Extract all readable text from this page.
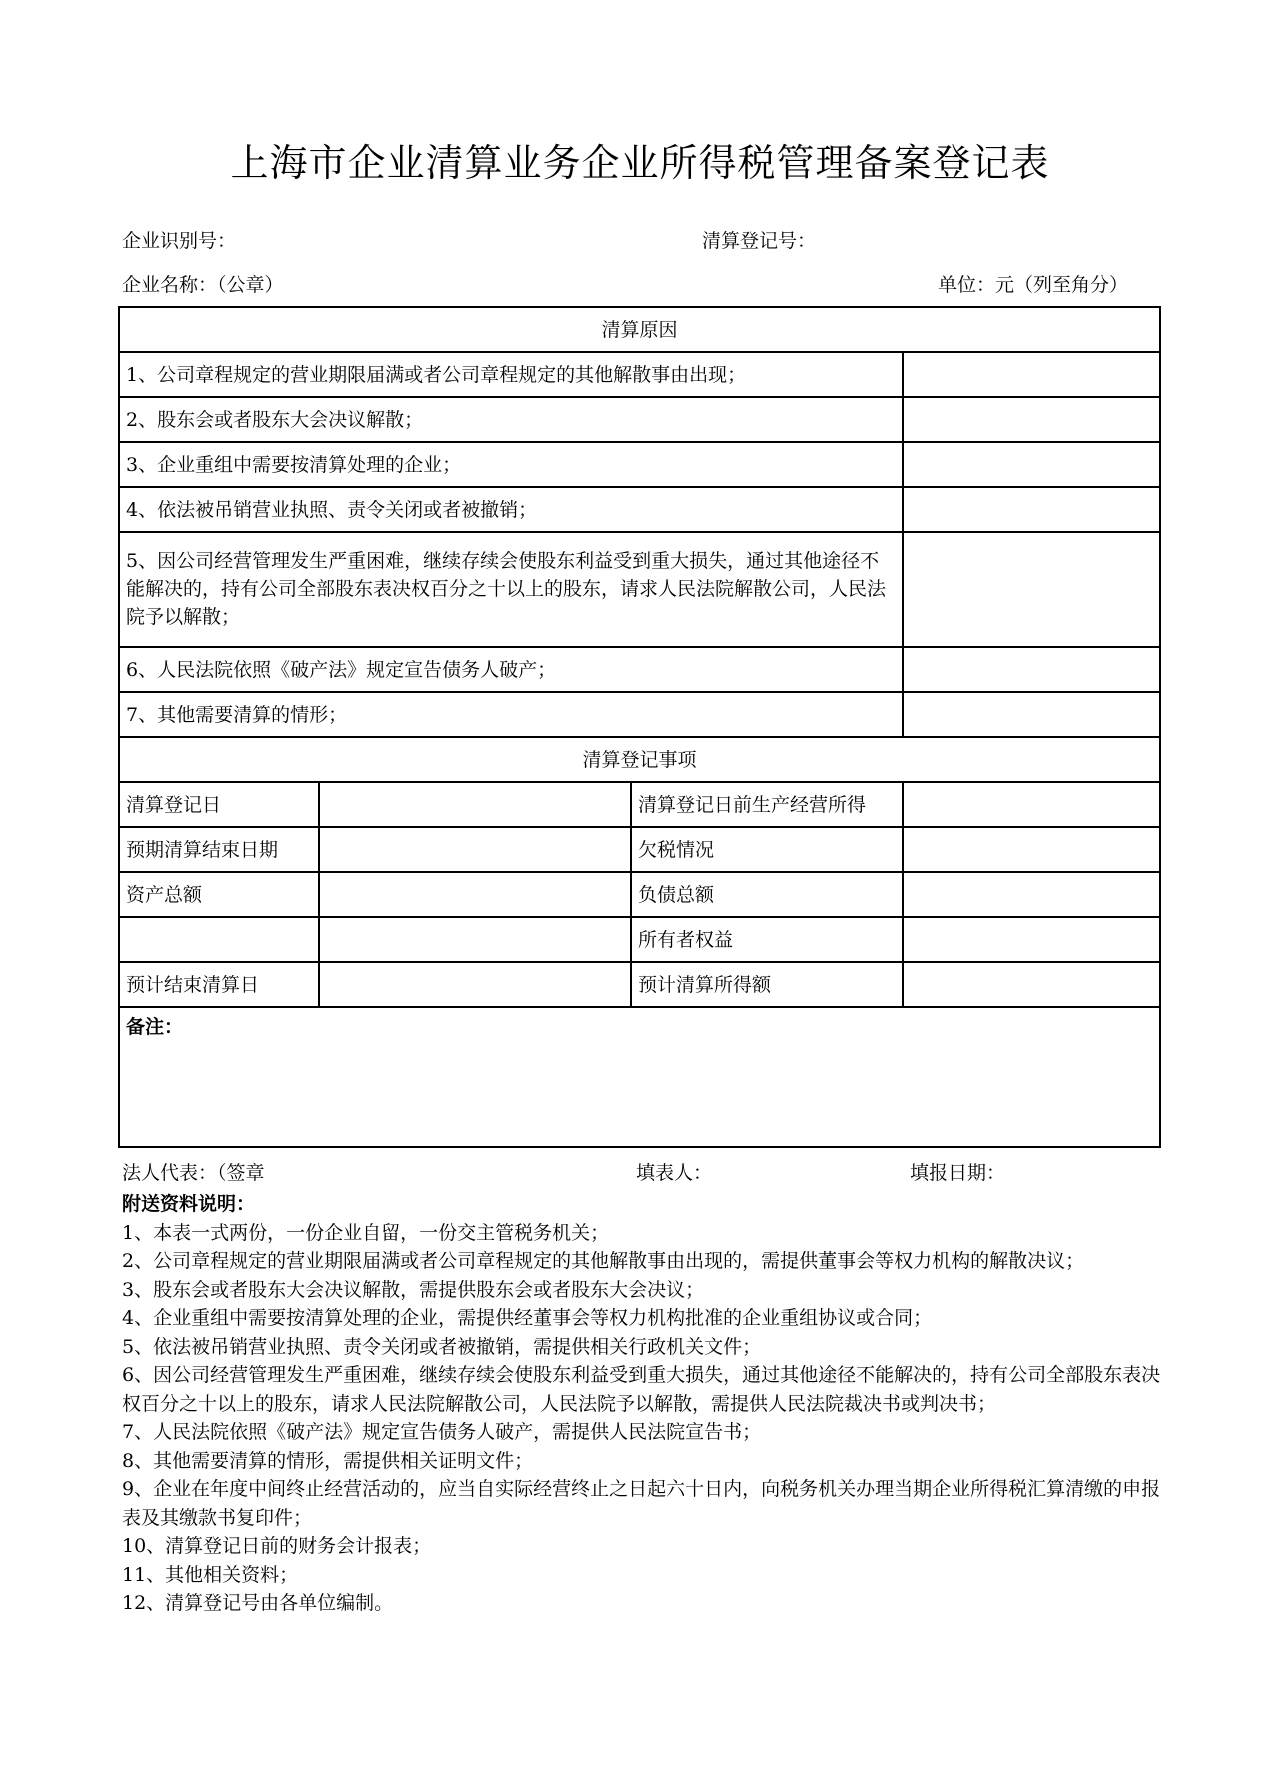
上海市企业清算业务企业所得税管理备案登记表
企业识别号：	清算登记号：
企业名称：（公章）	单位：元（列至角分）
清算原因			
1、公司章程规定的营业期限届满或者公司章程规定的其他解散事由出现；			
2、股东会或者股东大会决议解散；			
3、企业重组中需要按清算处理的企业；			
4、依法被吊销营业执照、责令关闭或者被撤销；			
5、因公司经营管理发生严重困难，继续存续会使股东利益受到重大损失，通过其他途径不能解决的，持有公司全部股东表决权百分之十以上的股东，请求人民法院解散公司，人民法院予以解散；			
6、人民法院依照《破产法》规定宣告债务人破产；			
7、其他需要清算的情形；			
清算登记事项			
清算登记日		清算登记日前生产经营所得	
预期清算结束日期		欠税情况	
资产总额		负债总额	
		所有者权益	
预计结束清算日		预计清算所得额	
备注：			
法人代表：（签章	填表人：	填报日期：
附送资料说明：
1、本表一式两份，一份企业自留，一份交主管税务机关；
2、公司章程规定的营业期限届满或者公司章程规定的其他解散事由出现的，需提供董事会等权力机构的解散决议；
3、股东会或者股东大会决议解散，需提供股东会或者股东大会决议；
4、企业重组中需要按清算处理的企业，需提供经董事会等权力机构批准的企业重组协议或合同；
5、依法被吊销营业执照、责令关闭或者被撤销，需提供相关行政机关文件；
6、因公司经营管理发生严重困难，继续存续会使股东利益受到重大损失，通过其他途径不能解决的，持有公司全部股东表决权百分之十以上的股东，请求人民法院解散公司，人民法院予以解散，需提供人民法院裁决书或判决书；
7、人民法院依照《破产法》规定宣告债务人破产，需提供人民法院宣告书；
8、其他需要清算的情形，需提供相关证明文件；
9、企业在年度中间终止经营活动的，应当自实际经营终止之日起六十日内，向税务机关办理当期企业所得税汇算清缴的申报表及其缴款书复印件；
10、清算登记日前的财务会计报表；
11、其他相关资料；
12、清算登记号由各单位编制。
